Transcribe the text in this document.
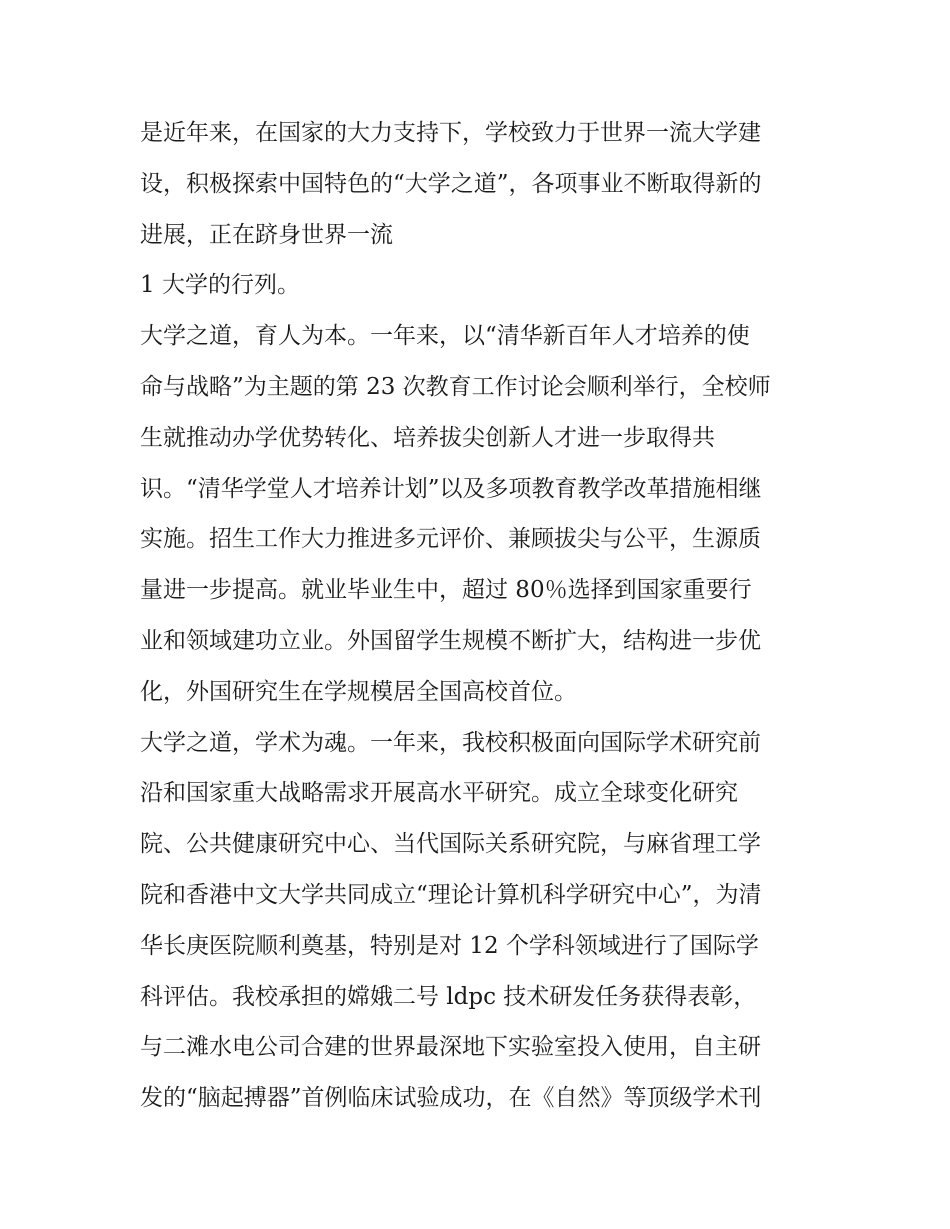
是近年来，在国家的大力支持下，学校致力于世界一流大学建
设，积极探索中国特色的“大学之道”，各项事业不断取得新的
进展，正在跻身世界一流
1 大学的行列。
大学之道，育人为本。一年来，以“清华新百年人才培养的使
命与战略”为主题的第 23 次教育工作讨论会顺利举行，全校师
生就推动办学优势转化、培养拔尖创新人才进一步取得共
识。“清华学堂人才培养计划”以及多项教育教学改革措施相继
实施。招生工作大力推进多元评价、兼顾拔尖与公平，生源质
量进一步提高。就业毕业生中，超过 80％选择到国家重要行
业和领域建功立业。外国留学生规模不断扩大，结构进一步优
化，外国研究生在学规模居全国高校首位。
大学之道，学术为魂。一年来，我校积极面向国际学术研究前
沿和国家重大战略需求开展高水平研究。成立全球变化研究
院、公共健康研究中心、当代国际关系研究院，与麻省理工学
院和香港中文大学共同成立“理论计算机科学研究中心”，为清
华长庚医院顺利奠基，特别是对 12 个学科领域进行了国际学
科评估。我校承担的嫦娥二号 ldpc 技术研发任务获得表彰，
与二滩水电公司合建的世界最深地下实验室投入使用，自主研
发的“脑起搏器”首例临床试验成功，在《自然》等顶级学术刊
